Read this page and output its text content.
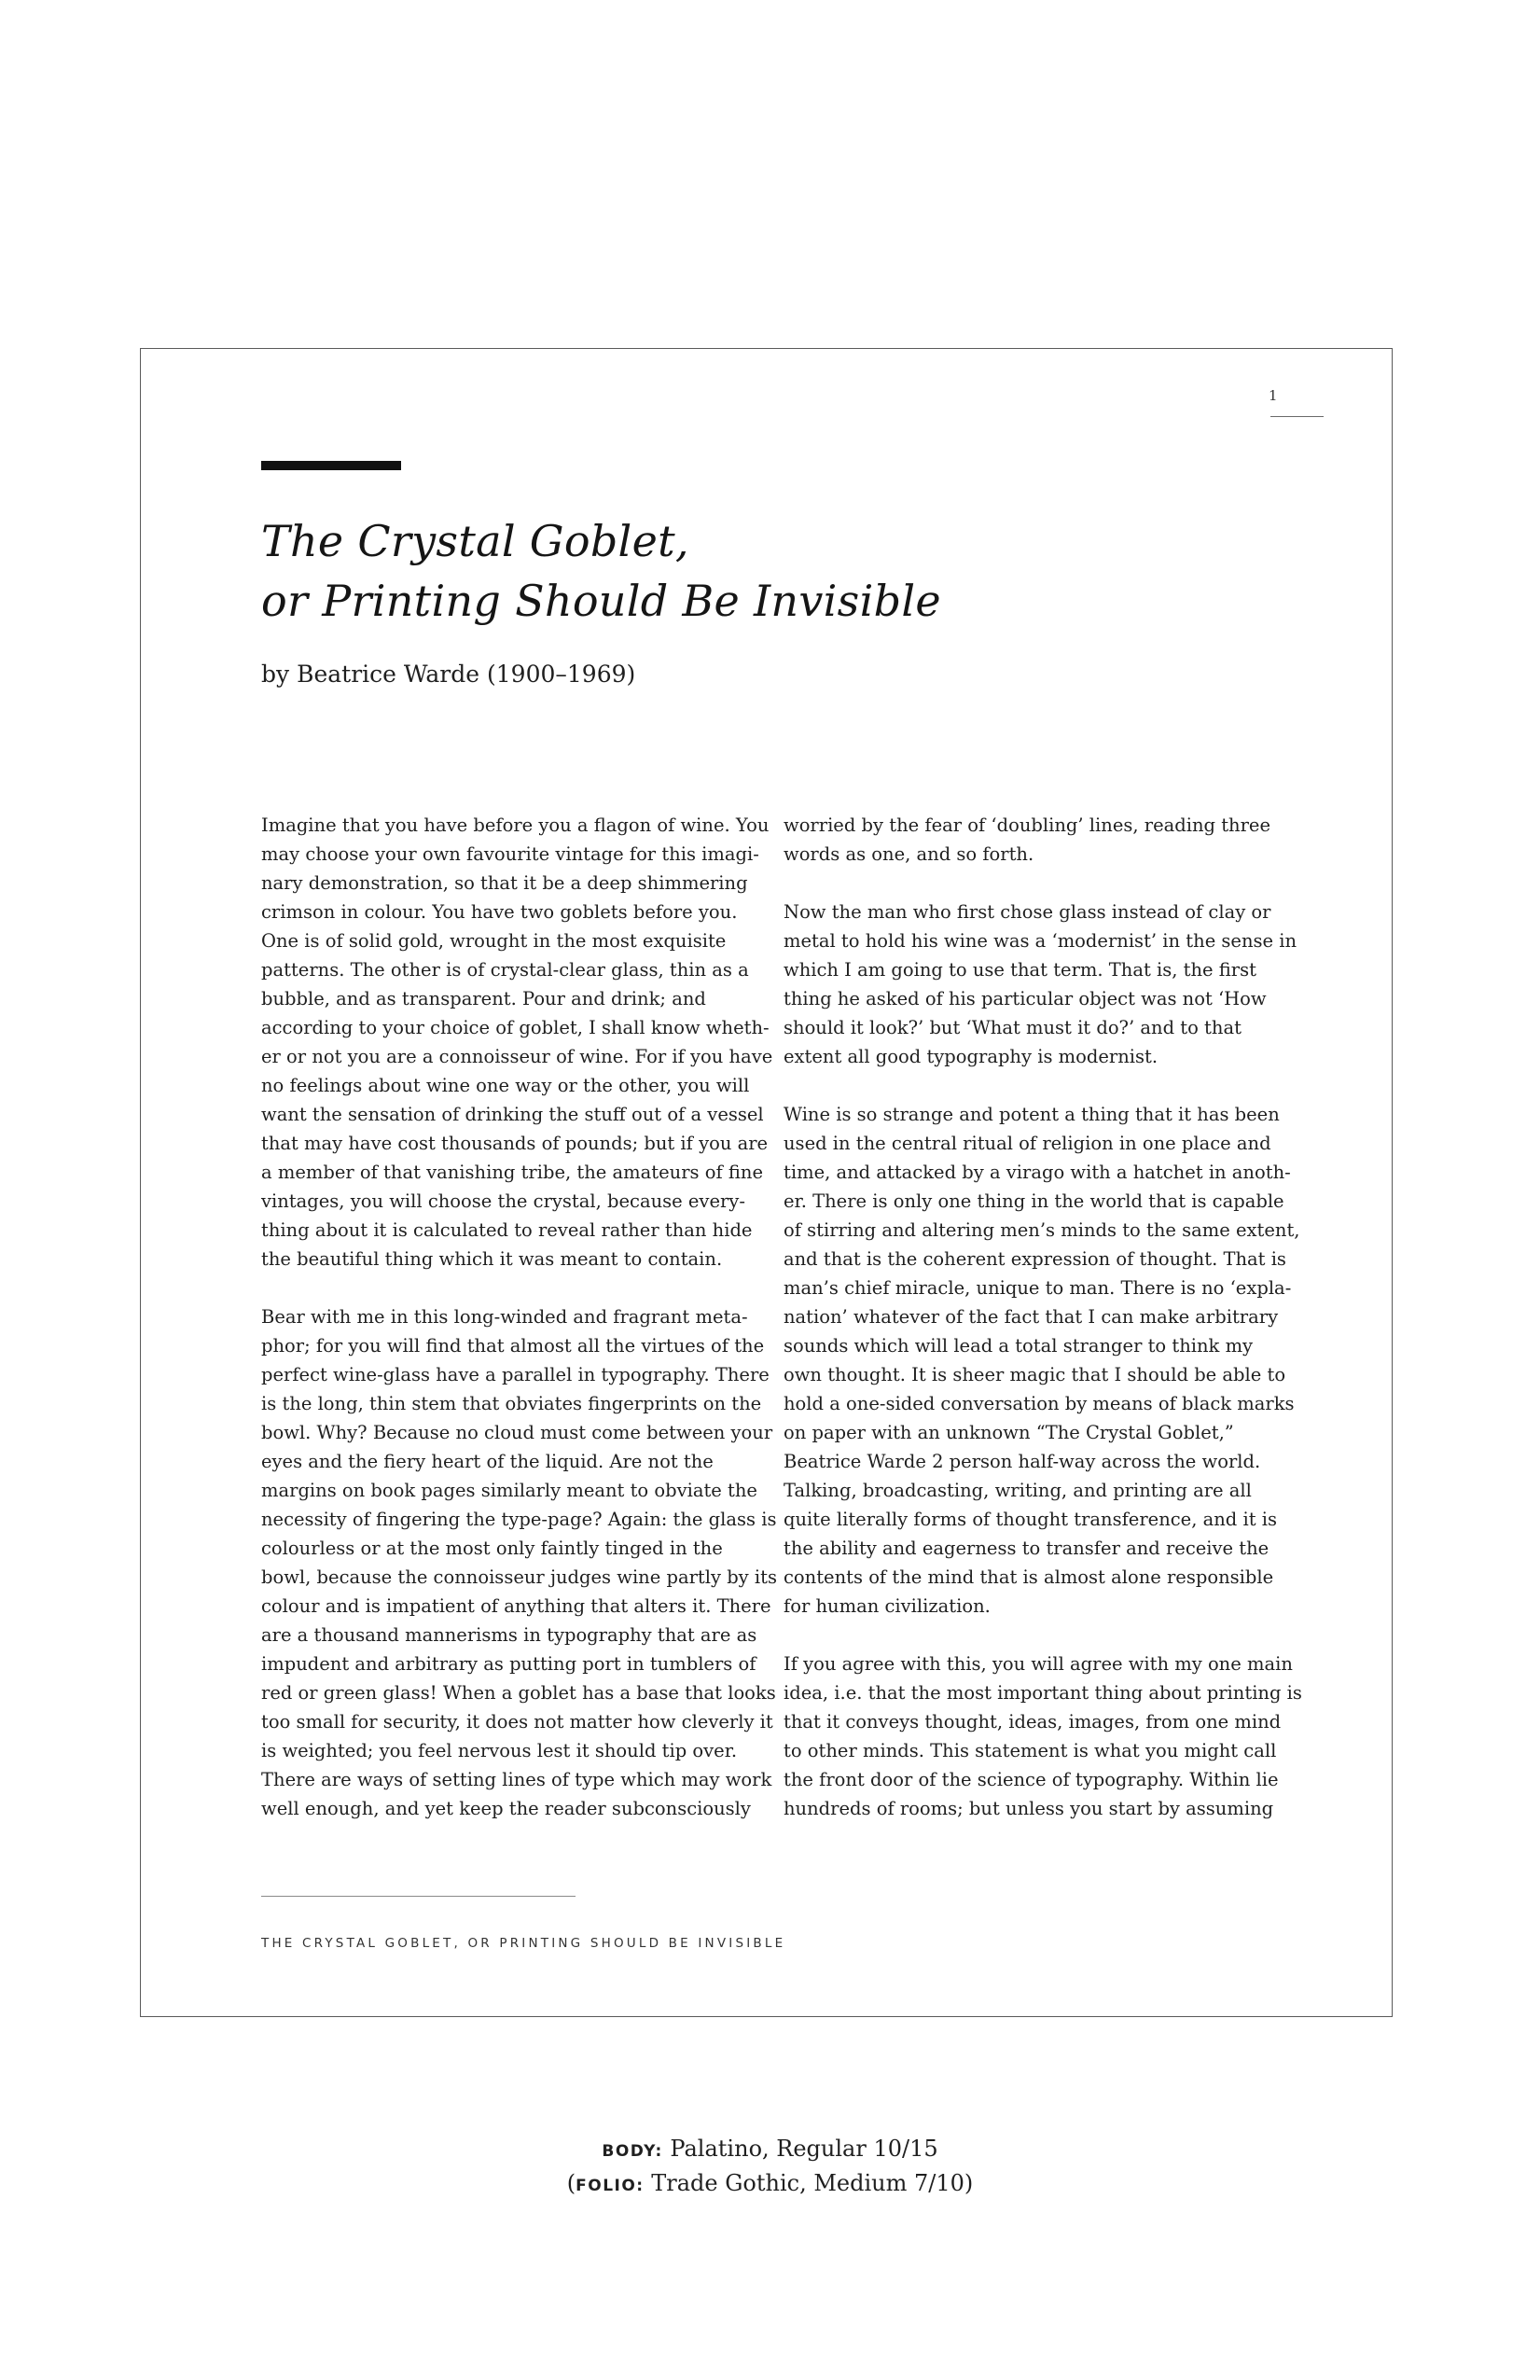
1
The Crystal Goblet,
or Printing Should Be Invisible
by Beatrice Warde (1900–1969)
Imagine that you have before you a flagon of wine. You
may choose your own favourite vintage for this imagi-
nary demonstration, so that it be a deep shimmering
crimson in colour. You have two goblets before you.
One is of solid gold, wrought in the most exquisite
patterns. The other is of crystal-clear glass, thin as a
bubble, and as transparent. Pour and drink; and
according to your choice of goblet, I shall know wheth-
er or not you are a connoisseur of wine. For if you have
no feelings about wine one way or the other, you will
want the sensation of drinking the stuff out of a vessel
that may have cost thousands of pounds; but if you are
a member of that vanishing tribe, the amateurs of fine
vintages, you will choose the crystal, because every-
thing about it is calculated to reveal rather than hide
the beautiful thing which it was meant to contain.
Bear with me in this long-winded and fragrant meta-
phor; for you will find that almost all the virtues of the
perfect wine-glass have a parallel in typography. There
is the long, thin stem that obviates fingerprints on the
bowl. Why? Because no cloud must come between your
eyes and the fiery heart of the liquid. Are not the
margins on book pages similarly meant to obviate the
necessity of fingering the type-page? Again: the glass is
colourless or at the most only faintly tinged in the
bowl, because the connoisseur judges wine partly by its
colour and is impatient of anything that alters it. There
are a thousand mannerisms in typography that are as
impudent and arbitrary as putting port in tumblers of
red or green glass! When a goblet has a base that looks
too small for security, it does not matter how cleverly it
is weighted; you feel nervous lest it should tip over.
There are ways of setting lines of type which may work
well enough, and yet keep the reader subconsciously
worried by the fear of ‘doubling’ lines, reading three
words as one, and so forth.
Now the man who first chose glass instead of clay or
metal to hold his wine was a ‘modernist’ in the sense in
which I am going to use that term. That is, the first
thing he asked of his particular object was not ‘How
should it look?’ but ‘What must it do?’ and to that
extent all good typography is modernist.
Wine is so strange and potent a thing that it has been
used in the central ritual of religion in one place and
time, and attacked by a virago with a hatchet in anoth-
er. There is only one thing in the world that is capable
of stirring and altering men’s minds to the same extent,
and that is the coherent expression of thought. That is
man’s chief miracle, unique to man. There is no ‘expla-
nation’ whatever of the fact that I can make arbitrary
sounds which will lead a total stranger to think my
own thought. It is sheer magic that I should be able to
hold a one-sided conversation by means of black marks
on paper with an unknown “The Crystal Goblet,”
Beatrice Warde 2 person half-way across the world.
Talking, broadcasting, writing, and printing are all
quite literally forms of thought transference, and it is
the ability and eagerness to transfer and receive the
contents of the mind that is almost alone responsible
for human civilization.
If you agree with this, you will agree with my one main
idea, i.e. that the most important thing about printing is
that it conveys thought, ideas, images, from one mind
to other minds. This statement is what you might call
the front door of the science of typography. Within lie
hundreds of rooms; but unless you start by assuming
THE CRYSTAL GOBLET, OR PRINTING SHOULD BE INVISIBLE
BODY: Palatino, Regular 10/15
(FOLIO: Trade Gothic, Medium 7/10)
